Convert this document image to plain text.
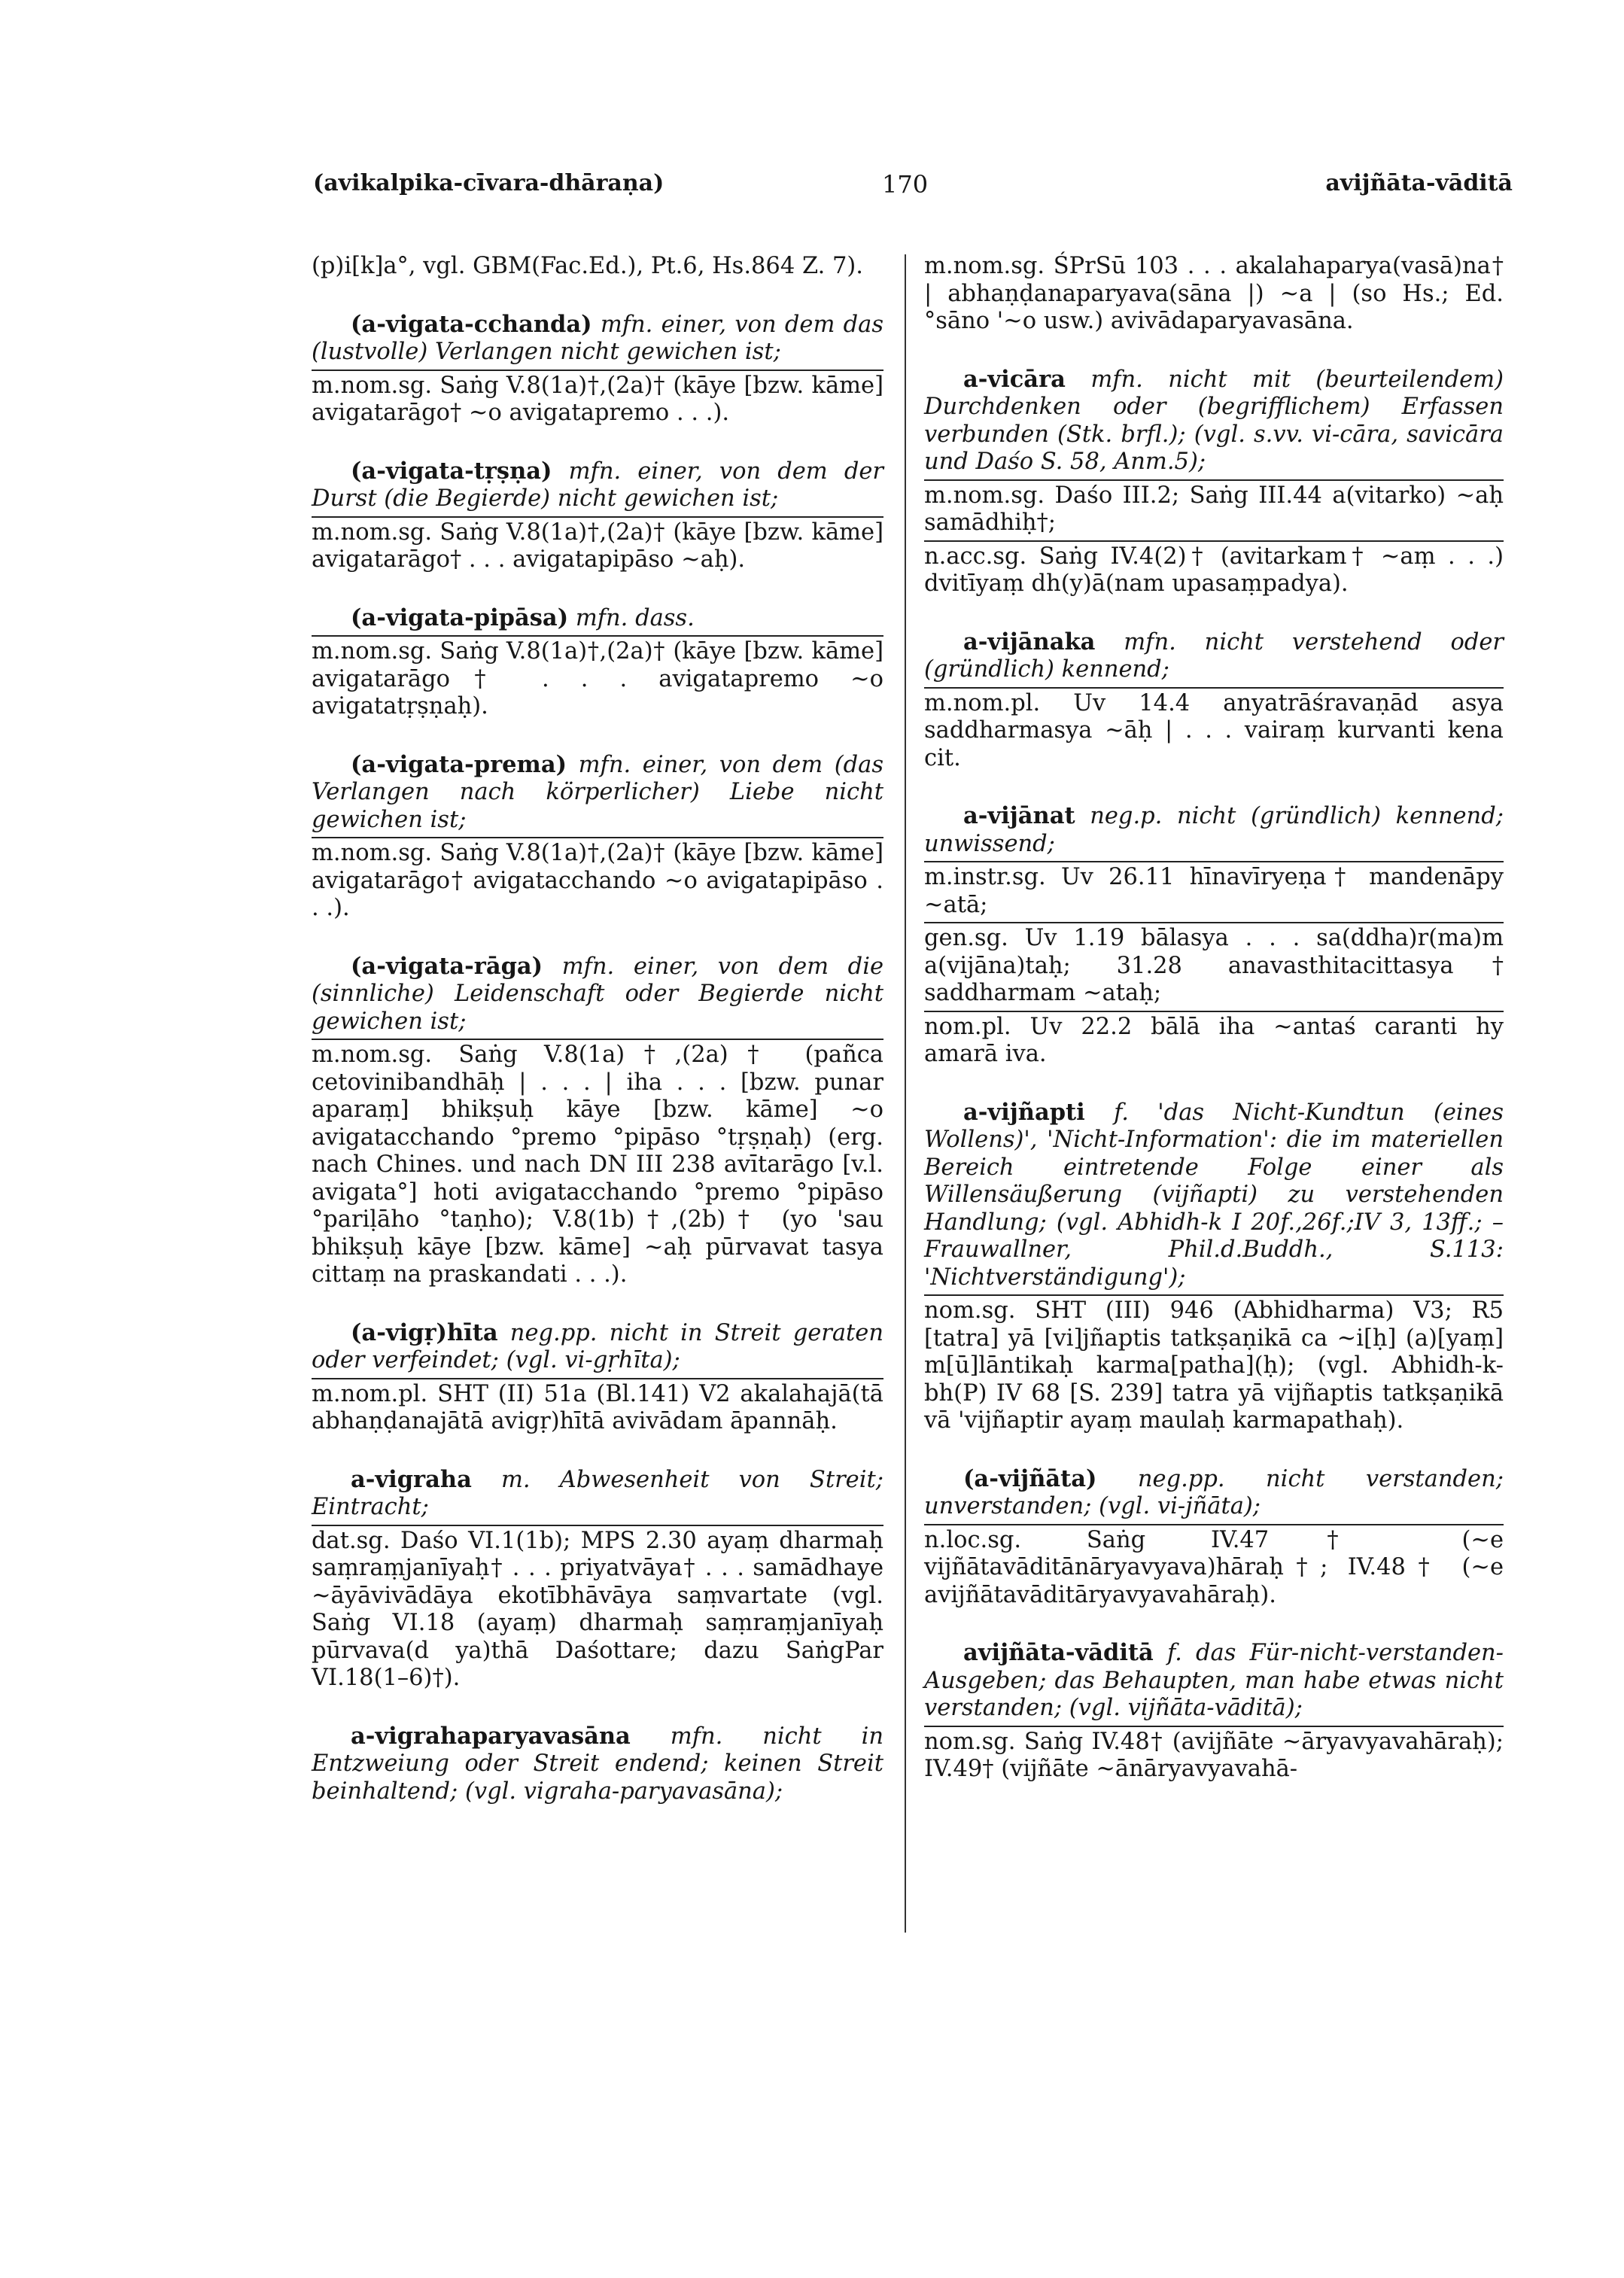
(avikalpika-cīvara-dhāraṇa)	170	avijñāta-vāditā
(p)i[k]a°, vgl. GBM(Fac.Ed.), Pt.6, Hs.864 Z. 7).
(a-vigata-cchanda) mfn. einer, von dem das (lustvolle) Verlangen nicht gewichen ist;
m.nom.sg. Saṅg V.8(1a)†,(2a)† (kāye [bzw. kāme] avigatarāgo† ~o avigatapremo . . .).
(a-vigata-tṛṣṇa) mfn. einer, von dem der Durst (die Begierde) nicht gewichen ist;
m.nom.sg. Saṅg V.8(1a)†,(2a)† (kāye [bzw. kāme] avigatarāgo† . . . avigatapipāso ~aḥ).
(a-vigata-pipāsa) mfn. dass.
m.nom.sg. Saṅg V.8(1a)†,(2a)† (kāye [bzw. kāme] avigatarāgo† . . . avigatapremo ~o avigatatṛṣṇaḥ).
(a-vigata-prema) mfn. einer, von dem (das Verlangen nach körperlicher) Liebe nicht gewichen ist;
m.nom.sg. Saṅg V.8(1a)†,(2a)† (kāye [bzw. kāme] avigatarāgo† avigatacchando ~o avigatapipāso . . .).
(a-vigata-rāga) mfn. einer, von dem die (sinnliche) Leidenschaft oder Begierde nicht gewichen ist;
m.nom.sg. Saṅg V.8(1a)†,(2a)† (pañca cetovinibandhāḥ | . . . | iha . . . [bzw. punar aparaṃ] bhikṣuḥ kāye [bzw. kāme] ~o avigatacchando °premo °pipāso °tṛṣṇaḥ) (erg. nach Chines. und nach DN III 238 avītarāgo [v.l. avigata°] hoti avigatacchando °premo °pipāso °pariḷāho °taṇho); V.8(1b)†,(2b)† (yo 'sau bhikṣuḥ kāye [bzw. kāme] ~aḥ pūrvavat tasya cittaṃ na praskandati . . .).
(a-vigṛ)hīta neg.pp. nicht in Streit geraten oder verfeindet; (vgl. vi-gṛhīta);
m.nom.pl. SHT (II) 51a (Bl.141) V2 akalahajā(tā abhaṇḍanajātā avigṛ)hītā avivādam āpannāḥ.
a-vigraha m. Abwesenheit von Streit; Eintracht;
dat.sg. Daśo VI.1(1b); MPS 2.30 ayaṃ dharmaḥ saṃraṃjanīyaḥ† . . . priyatvāya† . . . samādhaye ~āyāvivādāya ekotībhāvāya saṃvartate (vgl. Saṅg VI.18 (ayaṃ) dharmaḥ saṃraṃjanīyaḥ pūrvava(d ya)thā Daśottare; dazu SaṅgPar VI.18(1–6)†).
a-vigrahaparyavasāna mfn. nicht in Entzweiung oder Streit endend; keinen Streit beinhaltend; (vgl. vigraha-paryavasāna);
m.nom.sg. ŚPrSū 103 . . . akalahaparya(vasā)na† | abhaṇḍanaparyava(sāna |) ~a | (so Hs.; Ed. °sāno '~o usw.) avivādaparyavasāna.
a-vicāra mfn. nicht mit (beurteilendem) Durchdenken oder (begrifflichem) Erfassen verbunden (Stk. brfl.); (vgl. s.vv. vi-cāra, savicāra und Daśo S. 58, Anm.5);
m.nom.sg. Daśo III.2; Saṅg III.44 a(vitarko) ~aḥ samādhiḥ†;
n.acc.sg. Saṅg IV.4(2)† (avitarkam† ~aṃ . . .) dvitīyaṃ dh(y)ā(nam upasaṃpadya).
a-vijānaka mfn. nicht verstehend oder (gründlich) kennend;
m.nom.pl. Uv 14.4 anyatrāśravaṇād asya saddharmasya ~āḥ | . . . vairaṃ kurvanti kena cit.
a-vijānat neg.p. nicht (gründlich) kennend; unwissend;
m.instr.sg. Uv 26.11 hīnavīryeṇa† mandenāpy ~atā;
gen.sg. Uv 1.19 bālasya . . . sa(ddha)r(ma)m a(vijāna)taḥ; 31.28 anavasthitacittasya† saddharmam ~ataḥ;
nom.pl. Uv 22.2 bālā iha ~antaś caranti hy amarā iva.
a-vijñapti f. 'das Nicht-Kundtun (eines Wollens)', 'Nicht-Information': die im materiellen Bereich eintretende Folge einer als Willensäußerung (vijñapti) zu verstehenden Handlung; (vgl. Abhidh-k I 20f.,26f.;IV 3, 13ff.; – Frauwallner, Phil.d.Buddh., S.113: 'Nichtverständigung');
nom.sg. SHT (III) 946 (Abhidharma) V3; R5 [tatra] yā [vi]jñaptis tatkṣaṇikā ca ~i[ḥ] (a)[yaṃ] m[ū]lāntikaḥ karma[patha](ḥ); (vgl. Abhidh-k-bh(P) IV 68 [S. 239] tatra yā vijñaptis tatkṣaṇikā vā 'vijñaptir ayaṃ maulaḥ karmapathaḥ).
(a-vijñāta) neg.pp. nicht verstanden; unverstanden; (vgl. vi-jñāta);
n.loc.sg. Saṅg IV.47† (~e vijñātavāditānāryavyava)hāraḥ†; IV.48† (~e avijñātavāditāryavyavahāraḥ).
avijñāta-vāditā f. das Für-nicht-verstanden-Ausgeben; das Behaupten, man habe etwas nicht verstanden; (vgl. vijñāta-vāditā);
nom.sg. Saṅg IV.48† (avijñāte ~āryavyavahāraḥ); IV.49† (vijñāte ~ānāryavyavahā-
